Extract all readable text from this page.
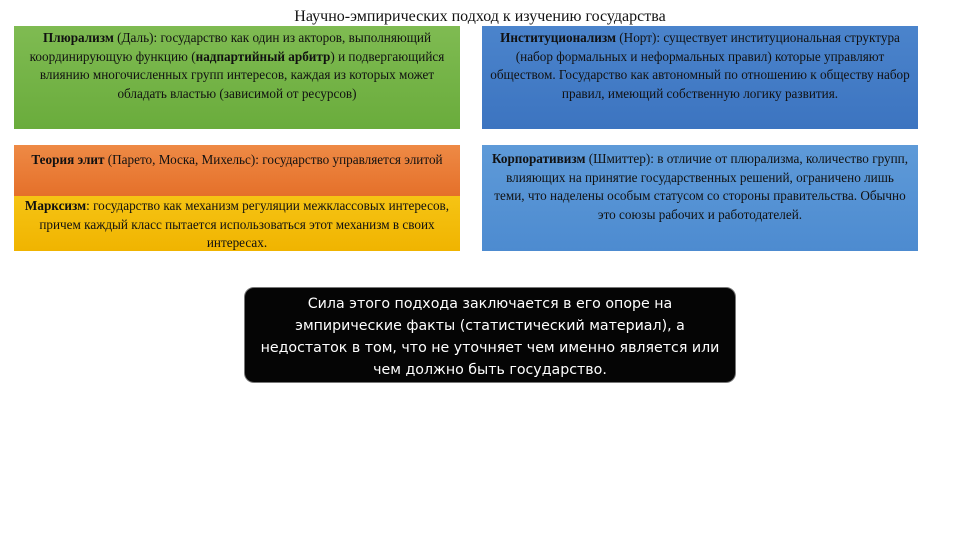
Научно-эмпирических подход к изучению государства
Плюрализм (Даль): государство как один из акторов, выполняющий координирующую функцию (надпартийный арбитр) и подвергающийся влиянию многочисленных групп интересов, каждая из которых может обладать властью (зависимой от ресурсов)
Институционализм (Норт): существует институциональная структура (набор формальных и неформальных правил) которые управляют обществом. Государство как автономный по отношению к обществу набор правил, имеющий собственную логику развития.
Теория элит (Парето, Моска, Михельс): государство управляется элитой
Марксизм: государство как механизм регуляции межклассовых интересов, причем каждый класс пытается использоваться этот механизм в своих интересах.
Корпоративизм (Шмиттер): в отличие от плюрализма, количество групп, влияющих на принятие государственных решений, ограничено лишь теми, что наделены особым статусом со стороны правительства. Обычно это союзы рабочих и работодателей.
Сила этого подхода заключается в его опоре на эмпирические факты (статистический материал), а недостаток в том, что не уточняет чем именно является или чем должно быть государство.
